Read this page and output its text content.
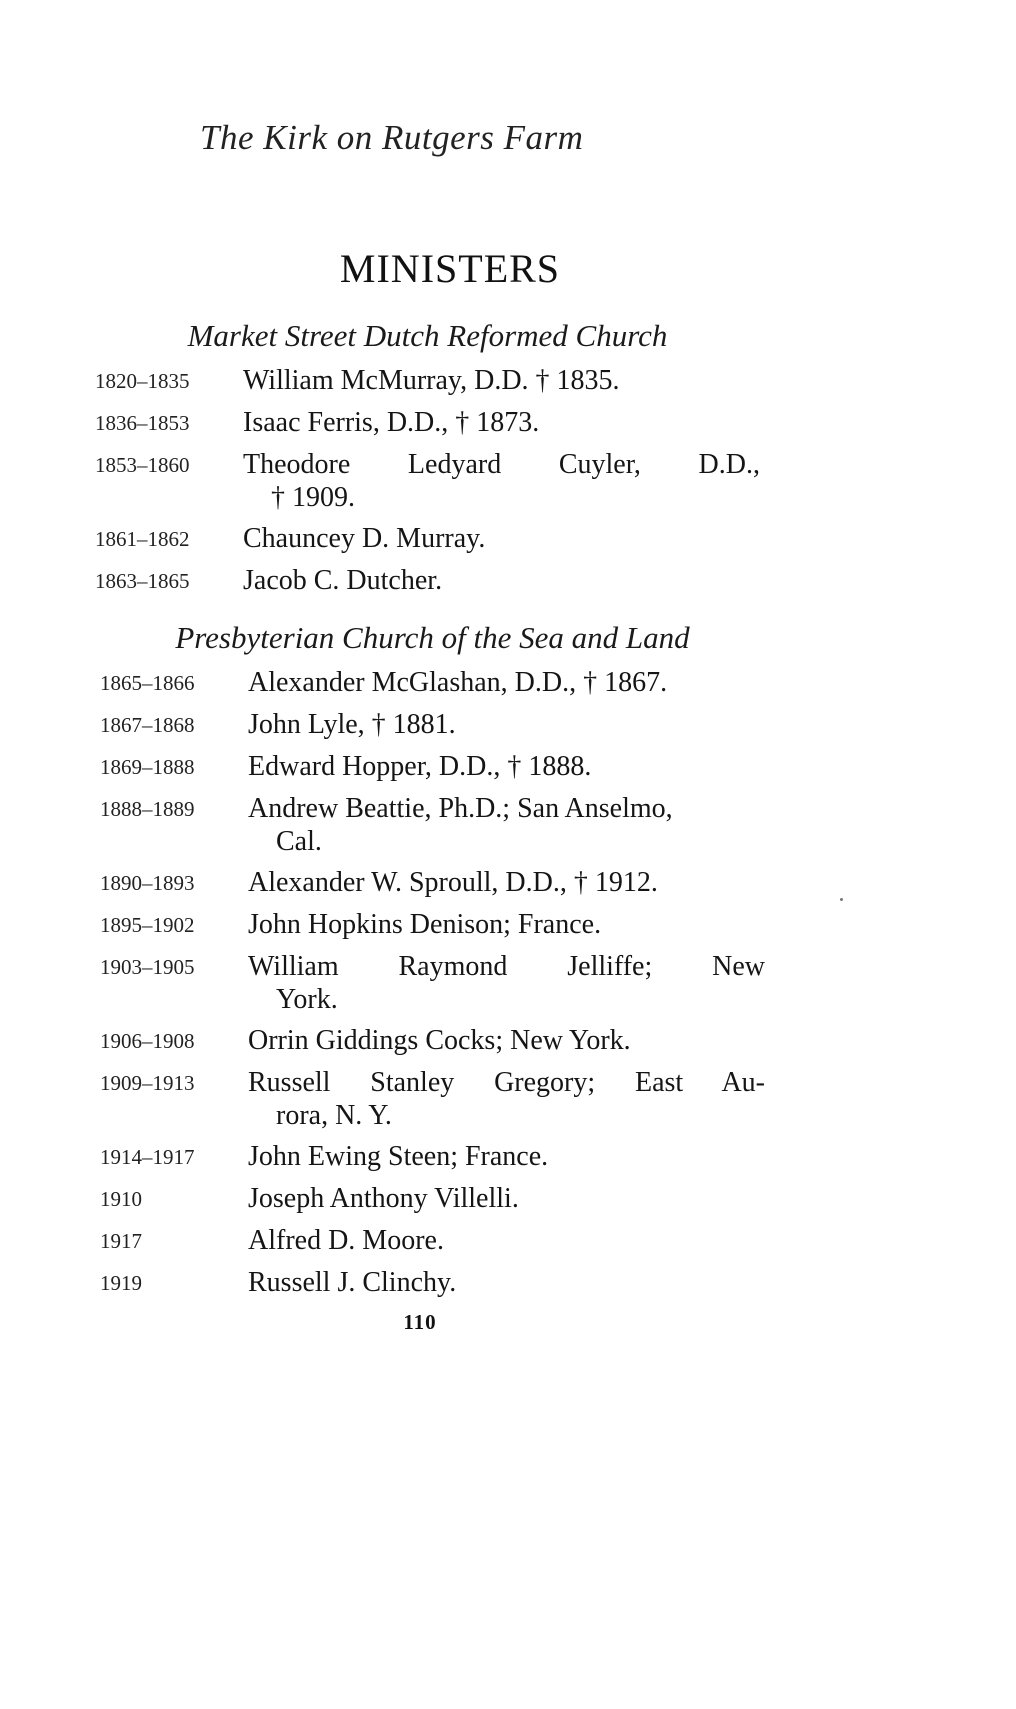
The Kirk on Rutgers Farm
MINISTERS
Market Street Dutch Reformed Church
1820–1835	William McMurray, D.D. † 1835.
1836–1853	Isaac Ferris, D.D., † 1873.
1853–1860	Theodore Ledyard Cuyler, D.D.,
† 1909.
1861–1862	Chauncey D. Murray.
1863–1865	Jacob C. Dutcher.
Presbyterian Church of the Sea and Land
1865–1866	Alexander McGlashan, D.D., † 1867.
1867–1868	John Lyle, † 1881.
1869–1888	Edward Hopper, D.D., † 1888.
1888–1889	Andrew Beattie, Ph.D.; San Anselmo,
Cal.
1890–1893	Alexander W. Sproull, D.D., † 1912.
1895–1902	John Hopkins Denison; France.
1903–1905	William Raymond Jelliffe; New
York.
1906–1908	Orrin Giddings Cocks; New York.
1909–1913	Russell Stanley Gregory; East Au-
rora, N. Y.
1914–1917	John Ewing Steen; France.
1910	Joseph Anthony Villelli.
1917	Alfred D. Moore.
1919	Russell J. Clinchy.
110
